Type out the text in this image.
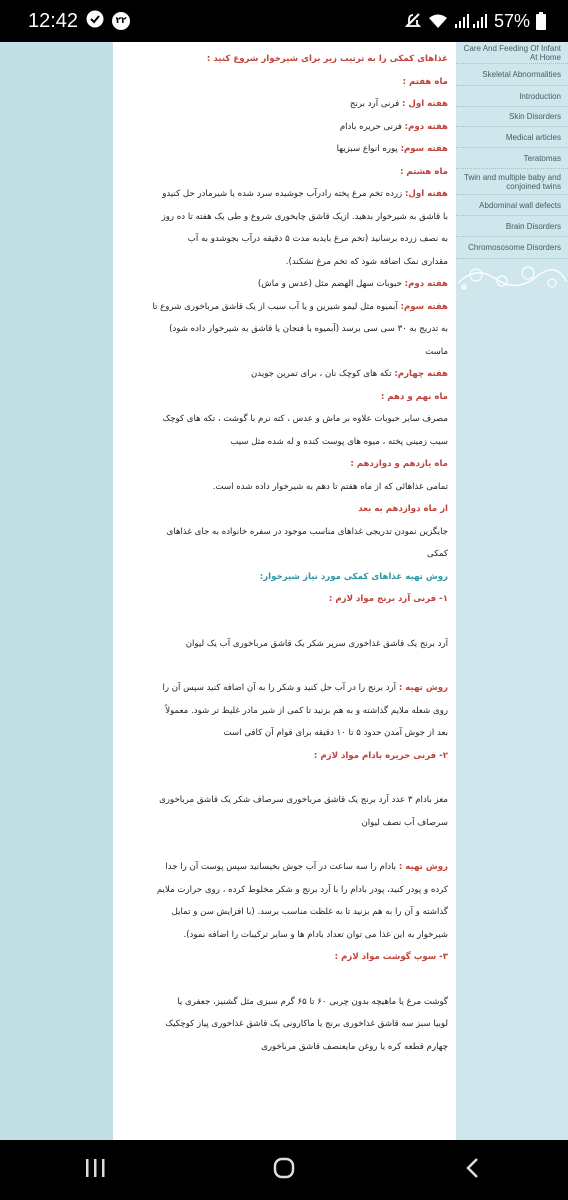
12:42	۲۲	57%
غذاهای کمکی را به ترتیب زیر برای شیرخوار شروع کنید :
ماه هفتم :
هفته اول : فرنی آرد برنج
هفته دوم: فرنی حریره بادام
هفته سوم: پوره انواع سبزیها
ماه هشتم :
هفته اول: زرده تخم مرغ پخته رادرآب جوشیده سرد شده یا شیرمادر حل کنیدو
با قاشق به شیرخوار بدهید. ازیک قاشق چایخوری شروع و طی یک هفته تا ده روز
به نصف زرده برسانید (تخم مرغ بایدبه مدت ۵ دقیقه درآب بجوشدو به آب
مقداری نمک اضافه شود که تخم مرغ نشکند).
هفته دوم: حبوبات سهل الهضم مثل (عدس و ماش)
هفته سوم: آبمیوه مثل لیمو شیرین و یا آب سیب از یک قاشق مرباخوری شروع تا
به تدریج به ۳۰ سی سی برسد (آبمیوه با فنجان یا قاشق به شیرخوار داده شود)
ماست
هفته چهارم: تکه های کوچک نان ، برای تمرین جویدن
ماه نهم و دهم :
مصرف سایر حبوبات علاوه بر ماش و عدس ، کته نرم با گوشت ، تکه های کوچک
سیب زمینی پخته ، میوه های پوست کنده و له شده مثل سیب
ماه یازدهم و دوازدهم :
تمامی غذاهائی که از ماه هفتم تا دهم به شیرخوار داده شده است.
از ماه دوازدهم به بعد
جایگزین نمودن تدریجی غذاهای مناسب موجود در سفره خانواده به جای غذاهای
کمکی
روش تهیه غذاهای کمکی مورد نیاز شیرخوار:
۱- فرنی آرد برنج مواد لازم :
آرد برنج یک قاشق غذاخوری سرپر شکر یک قاشق مرباخوری آب یک لیوان
روش تهیه : آرد برنج را در آب حل کنید و شکر را به آن اضافه کنید سپس آن را
روی شعله ملایم گذاشته و به هم بزنید تا کمی از شیر مادر غلیظ تر شود. معمولاً
بعد از جوش آمدن حدود ۵ تا ۱۰ دقیقه برای قوام آن کافی است
۲- فرنی حریره بادام مواد لازم :
مغز بادام ۳ عدد آرد برنج یک قاشق مرباخوری سرصاف شکر یک قاشق مرباخوری
سرصاف آب نصف لیوان
روش تهیه : بادام را سه ساعت در آب جوش بخیسانید سپس پوست آن را جدا
کرده و پودر کنید، پودر بادام را با آرد برنج و شکر مخلوط کرده ، روی حرارت ملایم
گذاشته و آن را به هم بزنید تا به غلظت مناسب برسد. (با افزایش سن و تمایل
شیرخوار به این غذا می توان تعداد بادام ها و سایر ترکیبات را اضافه نمود).
۳- سوپ گوشت مواد لازم :
گوشت مرغ یا ماهیچه بدون چربی ۶۰ تا ۶۵ گرم سبزی مثل گشنیز، جعفری یا
لوبیا سبز سه قاشق غذاخوری برنج یا ماکارونی یک قاشق غذاخوری پیاز کوچکیک
چهارم قطعه کره یا روغن مایعنصف قاشق مرباخوری
Care And Feeding Of Infant At Home
Skeletal Abnormalities
Introduction
Skin Disorders
Medical articles
Teratomas
Twin and multiple baby and conjoined twins
Abdominal wall defects
Brain Disorders
Chromososome Disorders
